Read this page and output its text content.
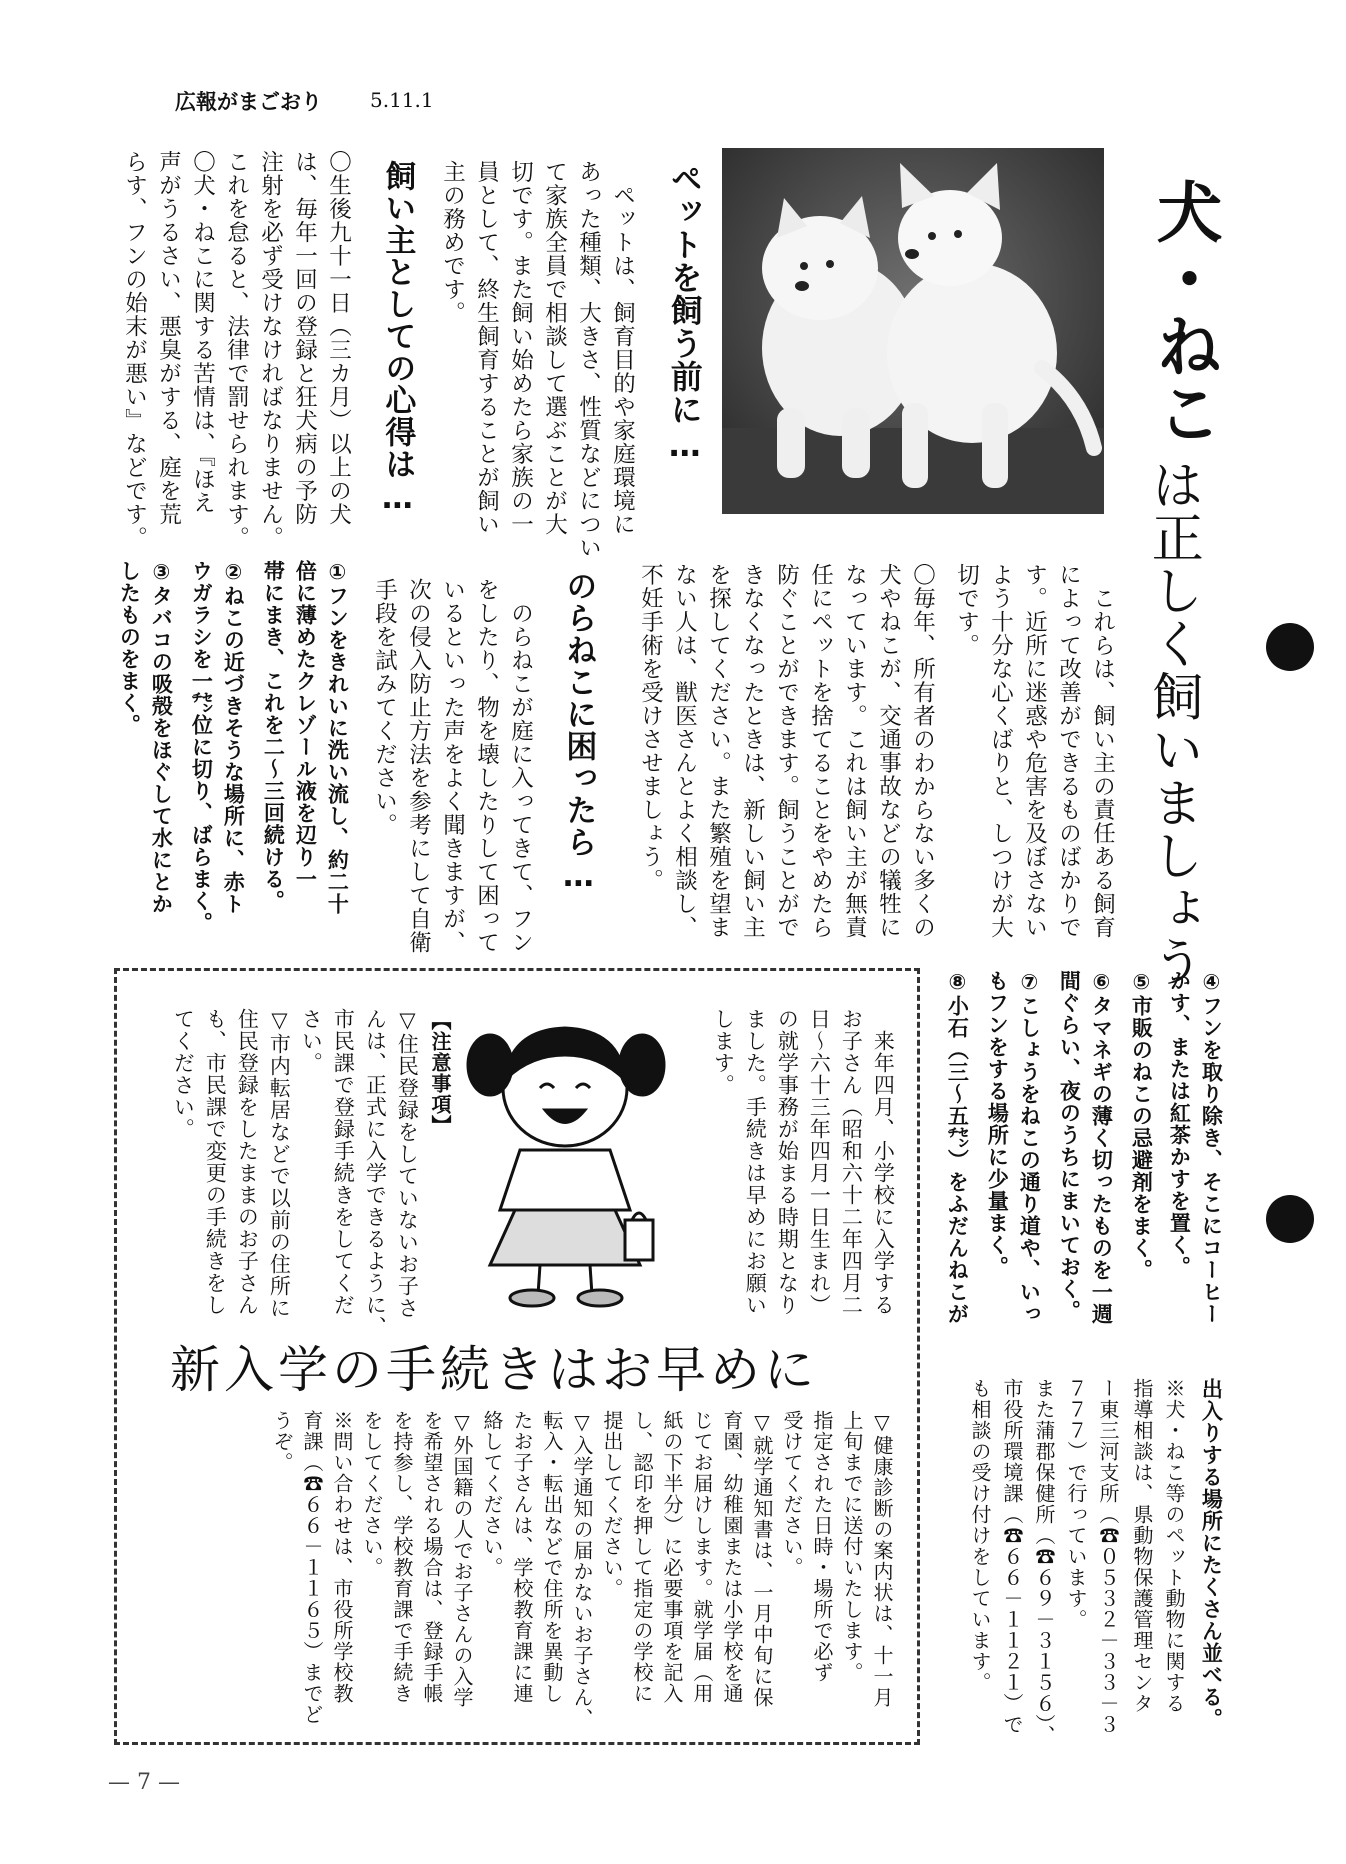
広報がまごおり 5.11.1
犬・ねこ
は正しく飼いましょう
ペットを飼う前に…
　ペットは、飼育目的や家庭環境に
あった種類、大きさ、性質などについ
て家族全員で相談して選ぶことが大
切です。また飼い始めたら家族の一
員として、終生飼育することが飼い
主の務めです。
飼い主としての心得は…
〇生後九十一日（三カ月）以上の犬
は、毎年一回の登録と狂犬病の予防
注射を必ず受けなければなりません。
これを怠ると、法律で罰せられます。
〇犬・ねこに関する苦情は、『ほえ
声がうるさい、悪臭がする、庭を荒
らす、フンの始末が悪い』などです。
　これらは、飼い主の責任ある飼育
によって改善ができるものばかりで
す。近所に迷惑や危害を及ぼさない
よう十分な心くばりと、しつけが大
切です。
〇毎年、所有者のわからない多くの
犬やねこが、交通事故などの犠牲に
なっています。これは飼い主が無責
任にペットを捨てることをやめたら
防ぐことができます。飼うことがで
きなくなったときは、新しい飼い主
を探してください。また繁殖を望ま
ない人は、獣医さんとよく相談し、
不妊手術を受けさせましょう。
のらねこに困ったら…
　のらねこが庭に入ってきて、フン
をしたり、物を壊したりして困って
いるといった声をよく聞きますが、
次の侵入防止方法を参考にして自衛
手段を試みてください。
①フンをきれいに洗い流し、約二十
倍に薄めたクレゾール液を辺り一
帯にまき、これを二～三回続ける。
②ねこの近づきそうな場所に、赤ト
ウガラシを一㌢位に切り、ばらまく。
③タバコの吸殻をほぐして水にとか
したものをまく。
④フンを取り除き、そこにコーヒー
かす、または紅茶かすを置く。
⑤市販のねこの忌避剤をまく。
⑥タマネギの薄く切ったものを一週
間ぐらい、夜のうちにまいておく。
⑦こしょうをねこの通り道や、いっ
もフンをする場所に少量まく。
⑧小石（三～五㌢）をふだんねこが
出入りする場所にたくさん並べる。
※犬・ねこ等のペット動物に関する
指導相談は、県動物保護管理センタ
ー東三河支所（☎０５３２－３３－３
７７７）で行っています。
また蒲郡保健所（☎６９－３１５６）、
市役所環境課（☎６６－１１２１）で
も相談の受け付けをしています。
　来年四月、小学校に入学する
お子さん（昭和六十二年四月二
日～六十三年四月一日生まれ）
の就学事務が始まる時期となり
ました。手続きは早めにお願い
します。
【注意事項】
▽住民登録をしていないお子さ
んは、正式に入学できるように、
市民課で登録手続きをしてくだ
さい。
▽市内転居などで以前の住所に
住民登録をしたままのお子さん
も、市民課で変更の手続きをし
てください。
新入学の手続きはお早めに
▽健康診断の案内状は、十一月
上旬までに送付いたします。
指定された日時・場所で必ず
受けてください。
▽就学通知書は、一月中旬に保
育園、幼稚園または小学校を通
じてお届けします。就学届（用
紙の下半分）に必要事項を記入
し、認印を押して指定の学校に
提出してください。
▽入学通知の届かないお子さん、
転入・転出などで住所を異動し
たお子さんは、学校教育課に連
絡してください。
▽外国籍の人でお子さんの入学
を希望される場合は、登録手帳
を持参し、学校教育課で手続き
をしてください。
※問い合わせは、市役所学校教
育課（☎６６－１１６５）までど
うぞ。
— 7 —
